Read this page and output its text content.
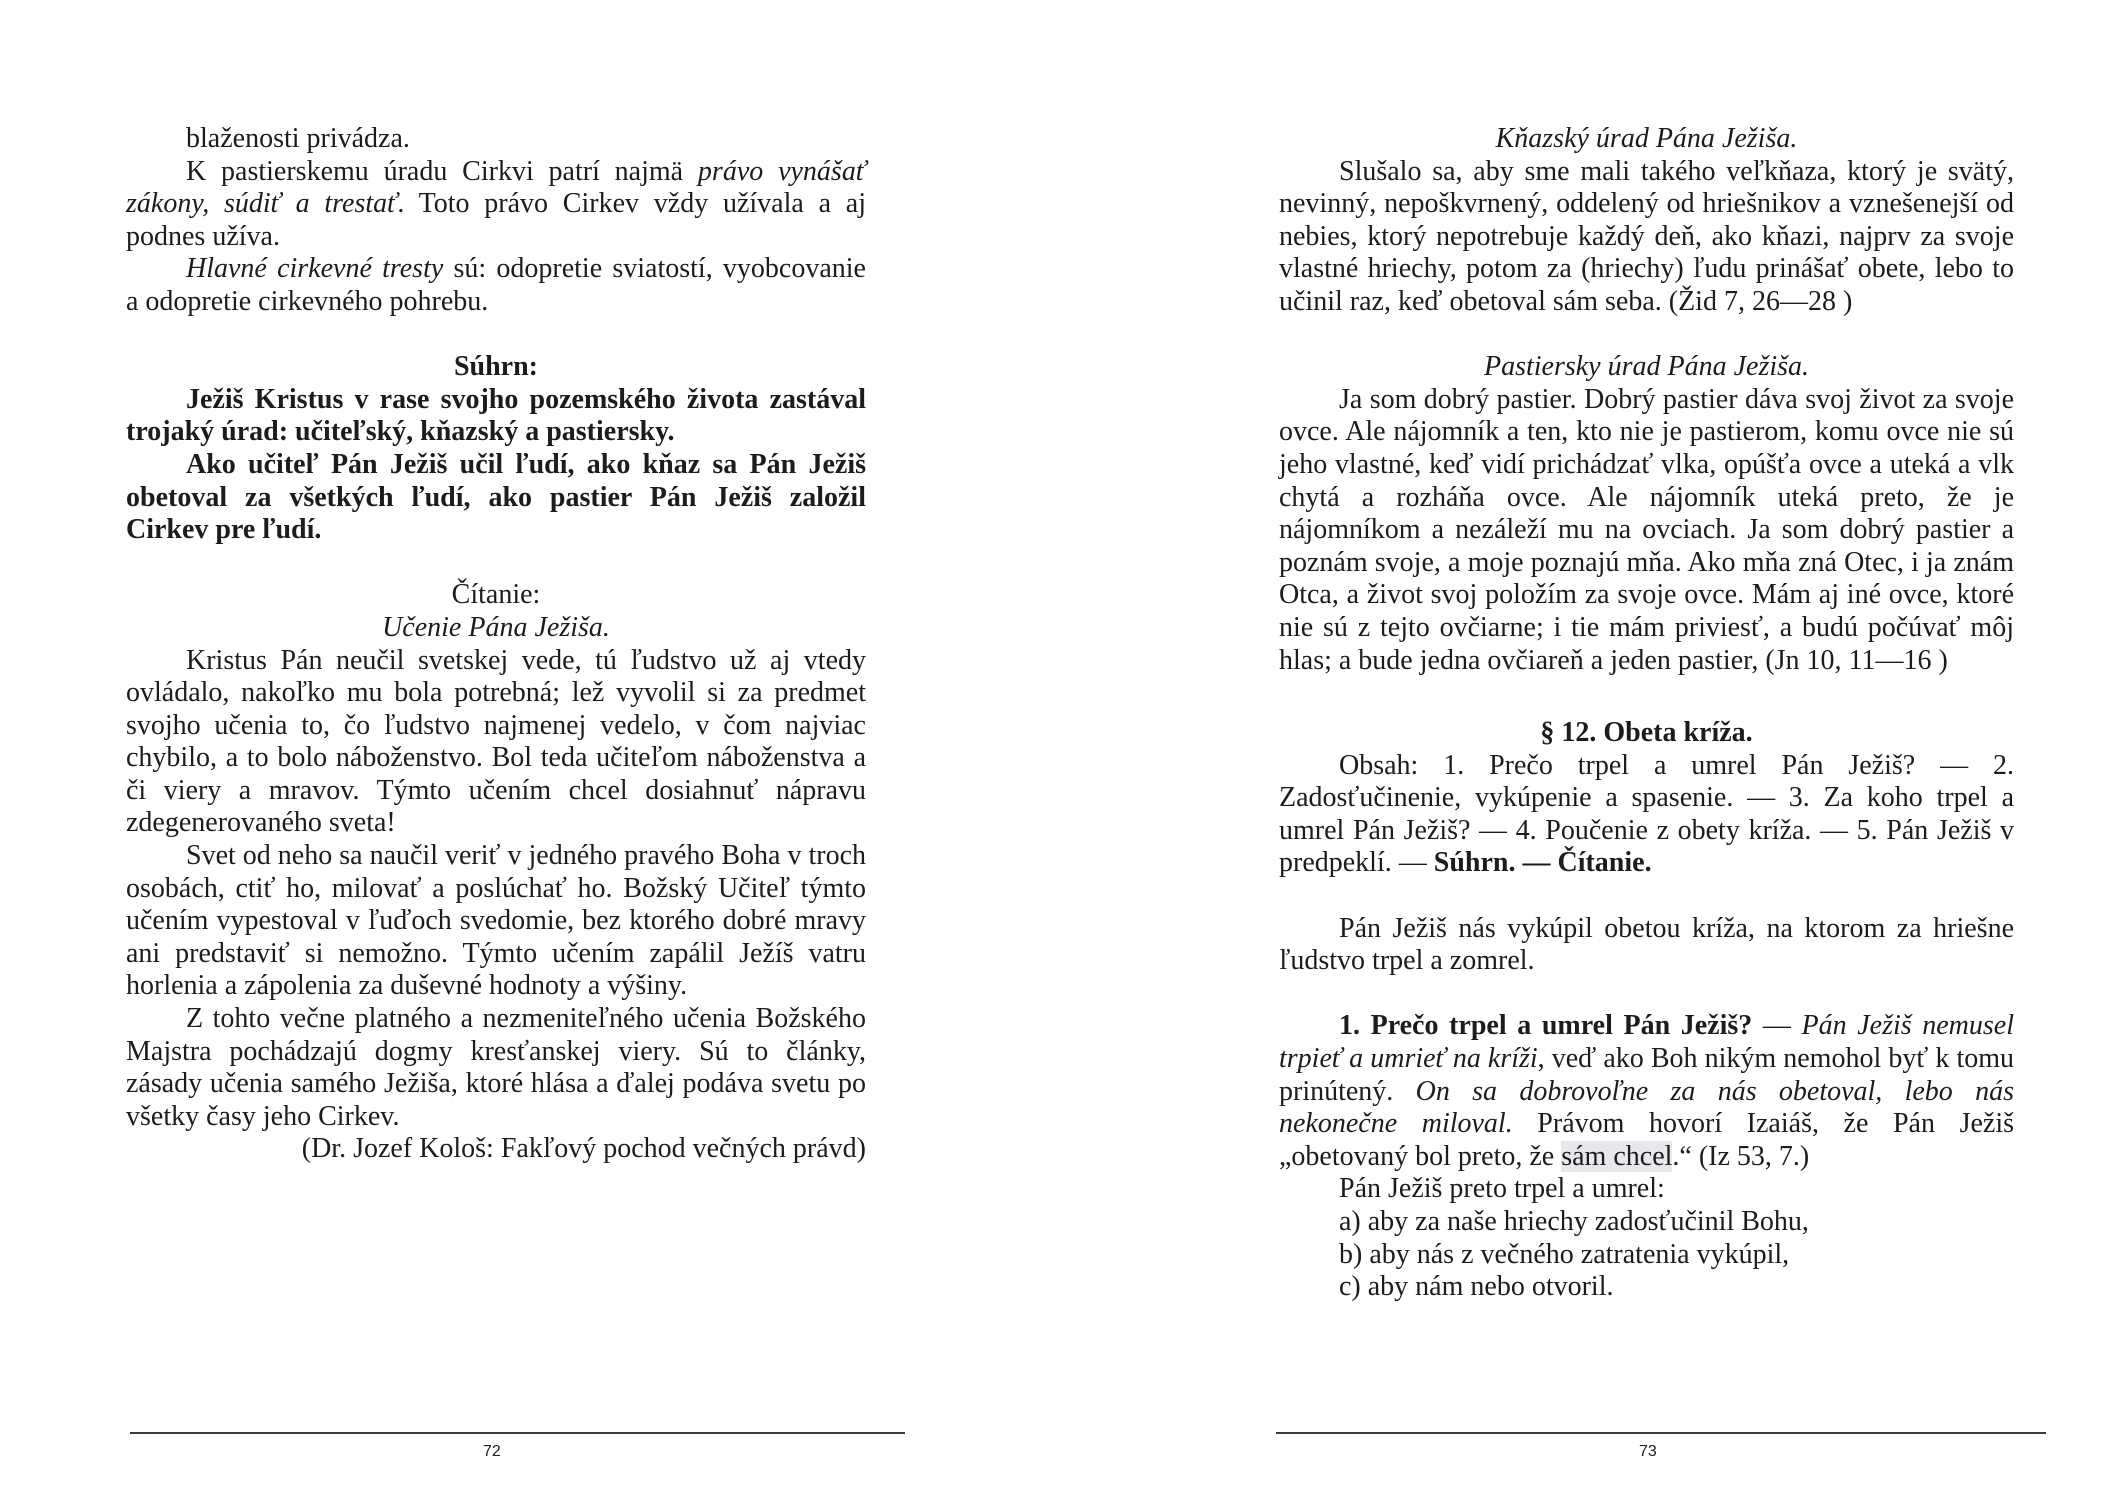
blaženosti privádza.

K pastierskemu úradu Cirkvi patrí najmä právo vynášať zákony, súdiť a trestať. Toto právo Cirkev vždy užívala a aj podnes užíva.

Hlavné cirkevné tresty sú: odopretie sviatostí, vyobcovanie a odopretie cirkevného pohrebu.

Súhrn:

Ježiš Kristus v rase svojho pozemského života zastával trojaký úrad: učiteľský, kňazský a pastiersky.

Ako učiteľ Pán Ježiš učil ľudí, ako kňaz sa Pán Ježiš obetoval za všetkých ľudí, ako pastier Pán Ježiš založil Cirkev pre ľudí.

Čítanie:

Učenie Pána Ježiša.

Kristus Pán neučil svetskej vede, tú ľudstvo už aj vtedy ovládalo, nakoľko mu bola potrebná; lež vyvolil si za predmet svojho učenia to, čo ľudstvo najmenej vedelo, v čom najviac chybilo, a to bolo náboženstvo. Bol teda učiteľom náboženstva a či viery a mravov. Týmto učením chcel dosiahnuť nápravu zdegenerovaného sveta!

Svet od neho sa naučil veriť v jedného pravého Boha v troch osobách, ctiť ho, milovať a poslúchať ho. Božský Učiteľ týmto učením vypestoval v ľuďoch svedomie, bez ktorého dobré mravy ani predstaviť si nemožno. Týmto učením zapálil Ježíš vatru horlenia a zápolenia za duševné hodnoty a výšiny.

Z tohto večne platného a nezmeniteľného učenia Božského Majstra pochádzajú dogmy kresťanskej viery. Sú to články, zásady učenia samého Ježiša, ktoré hlása a ďalej podáva svetu po všetky časy jeho Cirkev.

(Dr. Jozef Kološ: Fakľový pochod večných právd)

72

Kňazský úrad Pána Ježiša.

Slušalo sa, aby sme mali takého veľkňaza, ktorý je svätý, nevinný, nepoškvrnený, oddelený od hriešnikov a vznešenejší od nebies, ktorý nepotrebuje každý deň, ako kňazi, najprv za svoje vlastné hriechy, potom za (hriechy) ľudu prinášať obete, lebo to učinil raz, keď obetoval sám seba. (Žid 7, 26—28 )

Pastiersky úrad Pána Ježiša.

Ja som dobrý pastier. Dobrý pastier dáva svoj život za svoje ovce. Ale nájomník a ten, kto nie je pastierom, komu ovce nie sú jeho vlastné, keď vidí prichádzať vlka, opúšťa ovce a uteká a vlk chytá a rozháňa ovce. Ale nájomník uteká preto, že je nájomníkom a nezáleží mu na ovciach. Ja som dobrý pastier a poznám svoje, a moje poznajú mňa. Ako mňa zná Otec, i ja znám Otca, a život svoj položím za svoje ovce. Mám aj iné ovce, ktoré nie sú z tejto ovčiarne; i tie mám priviesť, a budú počúvať môj hlas; a bude jedna ovčiareň a jeden pastier, (Jn 10, 11—16 )

§ 12. Obeta kríža.

Obsah: 1. Prečo trpel a umrel Pán Ježiš? — 2. Zadosťučinenie, vykúpenie a spasenie. — 3. Za koho trpel a umrel Pán Ježiš? — 4. Poučenie z obety kríža. — 5. Pán Ježiš v predpeklí. — Súhrn. — Čítanie.

Pán Ježiš nás vykúpil obetou kríža, na ktorom za hriešne ľudstvo trpel a zomrel.

1. Prečo trpel a umrel Pán Ježiš? — Pán Ježiš nemusel trpieť a umrieť na kríži, veď ako Boh nikým nemohol byť k tomu prinútený. On sa dobrovoľne za nás obetoval, lebo nás nekonečne miloval. Právom hovorí Izaiáš, že Pán Ježiš „obetovaný bol preto, že sám chcel.“ (Iz 53, 7.)

Pán Ježiš preto trpel a umrel:

a) aby za naše hriechy zadosťučinil Bohu,

b) aby nás z večného zatratenia vykúpil,

c) aby nám nebo otvoril.

73
